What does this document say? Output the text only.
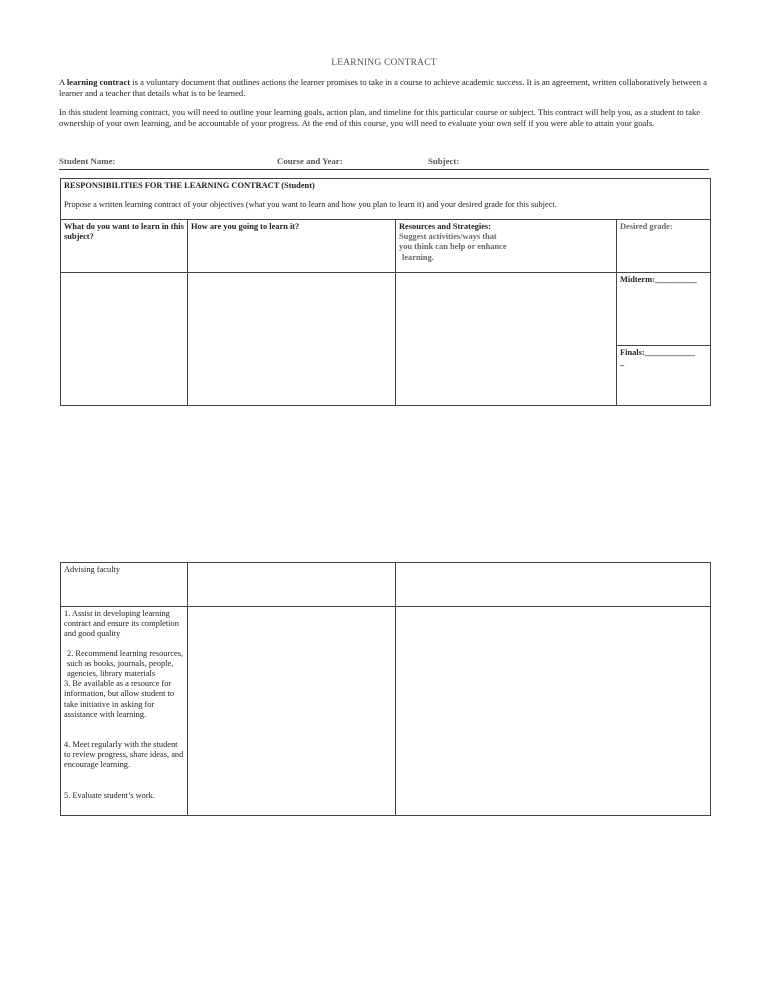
LEARNING CONTRACT
A learning contract is a voluntary document that outlines actions the learner promises to take in a course to achieve academic success. It is an agreement, written collaboratively between a learner and a teacher that details what is to be learned.
In this student learning contract, you will need to outline your learning goals, action plan, and timeline for this particular course or subject. This contract will help you, as a student to take ownership of your own learning, and be accountable of your progress. At the end of this course, you will need to evaluate your own self if you were able to attain your goals.
Student Name:	Course and Year:	Subject:
RESPONSIBILITIES FOR THE LEARNING CONTRACT (Student)
Propose a written learning contract of your objectives (what you want to learn and how you plan to learn it) and your desired grade for this subject.			

What do you want to learn in this subject?	How are you going to learn it?	Resources and Strategies:
Suggest activities/ways that
you think can help or enhance
learning.	Desired grade:
			Midterm:__________

			Finals:____________
_
Advising faculty		

1. Assist in developing learning contract and ensure its completion and good quality
2. Recommend learning resources, such as books, journals, people, agencies, library materials
3. Be available as a resource for information, but allow student to take initiative in asking for assistance with learning.
4. Meet regularly with the student to review progress, share ideas, and encourage learning.
5. Evaluate student’s work.		
